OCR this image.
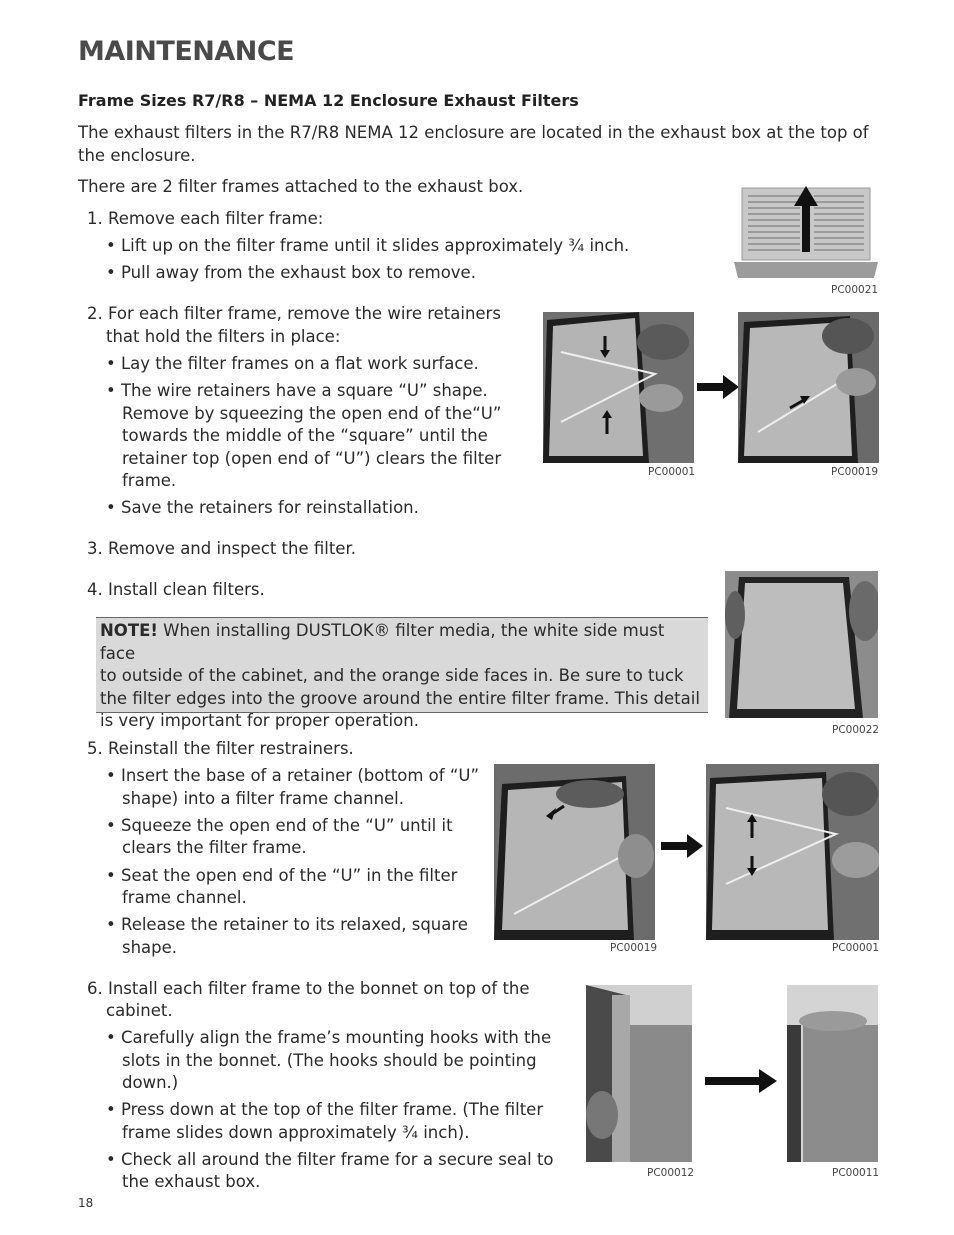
MAINTENANCE
Frame Sizes R7/R8 – NEMA 12 Enclosure Exhaust Filters
The exhaust filters in the R7/R8 NEMA 12 enclosure are located in the exhaust box at the top of the enclosure.
There are 2 filter frames attached to the exhaust box.
1. Remove each filter frame:
• Lift up on the filter frame until it slides approximately ¾ inch.
• Pull away from the exhaust box to remove.
PC00021
2. For each filter frame, remove the wire retainers
that hold the filters in place:
• Lay the filter frames on a flat work surface.
• The wire retainers have a square “U” shape.
Remove by squeezing the open end of the“U”
towards the middle of the “square” until the
retainer top (open end of “U”) clears the filter
frame.
• Save the retainers for reinstallation.
PC00001	PC00019
3. Remove and inspect the filter.
4. Install clean filters.
PC00022
NOTE! When installing DUSTLOK® filter media, the white side must face
to outside of the cabinet, and the orange side faces in. Be sure to tuck
the filter edges into the groove around the entire filter frame. This detail
is very important for proper operation.
5. Reinstall the filter restrainers.
• Insert the base of a retainer (bottom of “U”
shape) into a filter frame channel.
• Squeeze the open end of the “U” until it
clears the filter frame.
• Seat the open end of the “U” in the filter
frame channel.
• Release the retainer to its relaxed, square
shape.	PC00019	PC00001
6. Install each filter frame to the bonnet on top of the
cabinet.
• Carefully align the frame’s mounting hooks with the
slots in the bonnet. (The hooks should be pointing
down.)
• Press down at the top of the filter frame. (The filter
frame slides down approximately ¾ inch).
• Check all around the filter frame for a secure seal to
the exhaust box.	PC00012	PC00011
18
